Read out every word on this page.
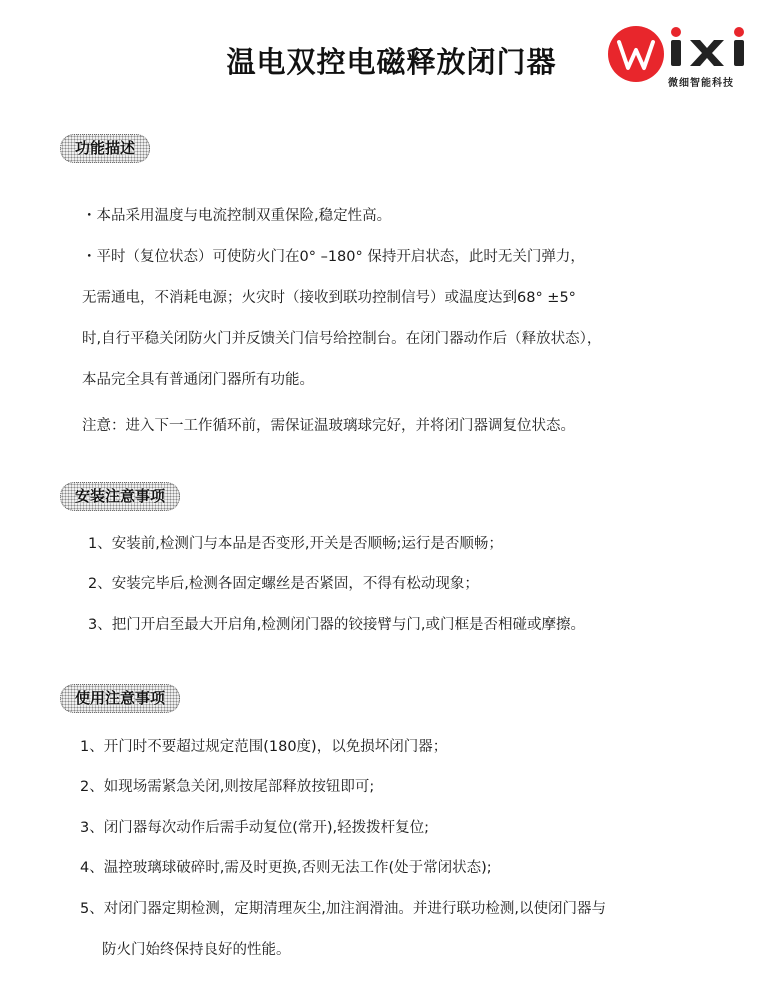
温电双控电磁释放闭门器
微细智能科技
功能描述
・本品采用温度与电流控制双重保险,稳定性高。
・平时（复位状态）可使防火门在0° –180° 保持开启状态，此时无关门弹力，
无需通电，不消耗电源；火灾时（接收到联功控制信号）或温度达到68° ±5°
时,自行平稳关闭防火门并反馈关门信号给控制台。在闭门器动作后（释放状态），
本品完全具有普通闭门器所有功能。
注意：进入下一工作循环前，需保证温玻璃球完好，并将闭门器调复位状态。
安装注意事项
1、安装前,检测门与本品是否变形,开关是否顺畅;运行是否顺畅；
2、安装完毕后,检测各固定螺丝是否紧固，不得有松动现象；
3、把门开启至最大开启角,检测闭门器的铰接臂与门,或门框是否相碰或摩擦。
使用注意事项
1、开门时不要超过规定范围(180度)，以免损坏闭门器；
2、如现场需紧急关闭,则按尾部释放按钮即可;
3、闭门器每次动作后需手动复位(常开),轻拨拨杆复位;
4、温控玻璃球破碎时,需及时更换,否则无法工作(处于常闭状态);
5、对闭门器定期检测，定期清理灰尘,加注润滑油。并进行联功检测,以使闭门器与
防火门始终保持良好的性能。
